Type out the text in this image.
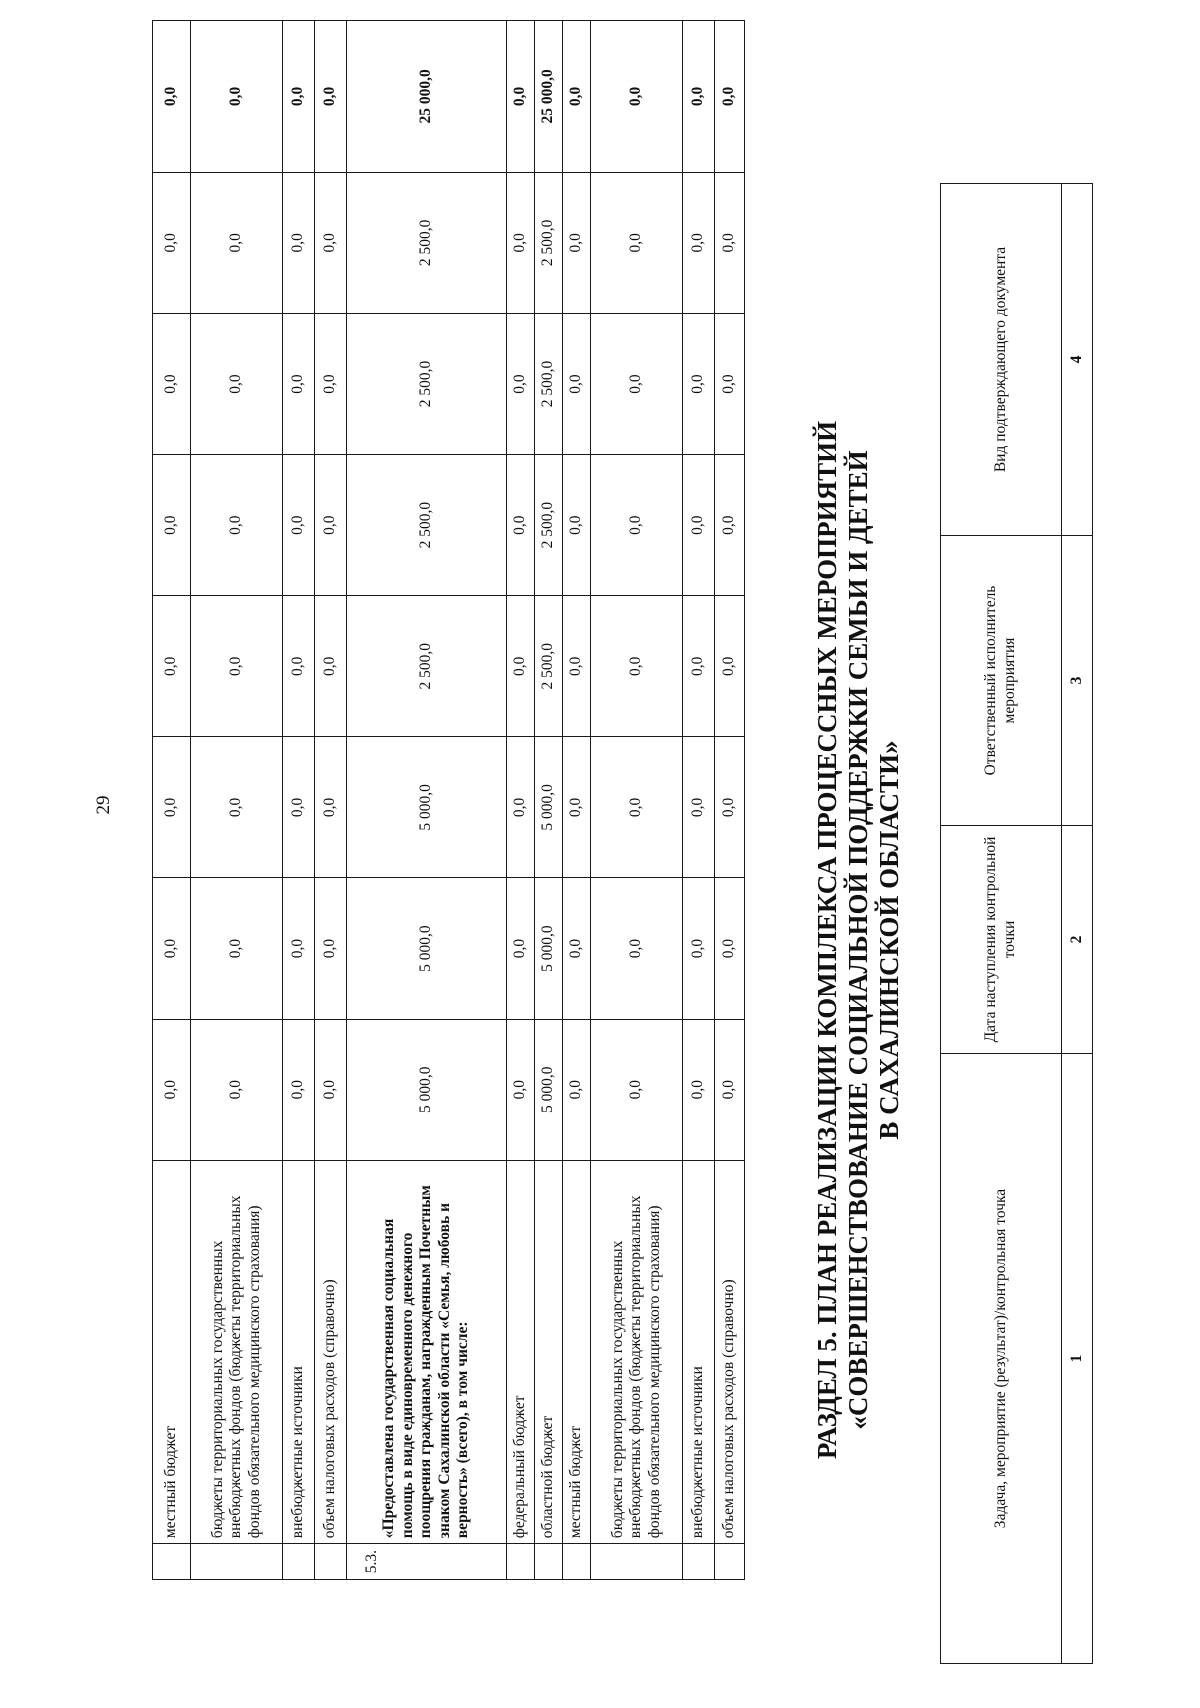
29
	местный бюджет	0,0	0,0	0,0	0,0	0,0	0,0	0,0	0,0
	бюджеты территориальных государственных внебюджетных фондов (бюджеты территориальных фондов обязательного медицинского страхования)	0,0	0,0	0,0	0,0	0,0	0,0	0,0	0,0
	внебюджетные источники	0,0	0,0	0,0	0,0	0,0	0,0	0,0	0,0
	объем налоговых расходов (справочно)	0,0	0,0	0,0	0,0	0,0	0,0	0,0	0,0
5.3.	«Предоставлена государственная социальная помощь в виде единовременного денежного поощрения гражданам, награжденным Почетным знаком Сахалинской области «Семья, любовь и верность» (всего), в том числе:	5 000,0	5 000,0	5 000,0	2 500,0	2 500,0	2 500,0	2 500,0	25 000,0
	федеральный бюджет	0,0	0,0	0,0	0,0	0,0	0,0	0,0	0,0
	областной бюджет	5 000,0	5 000,0	5 000,0	2 500,0	2 500,0	2 500,0	2 500,0	25 000,0
	местный бюджет	0,0	0,0	0,0	0,0	0,0	0,0	0,0	0,0
	бюджеты территориальных государственных внебюджетных фондов (бюджеты территориальных фондов обязательного медицинского страхования)	0,0	0,0	0,0	0,0	0,0	0,0	0,0	0,0
	внебюджетные источники	0,0	0,0	0,0	0,0	0,0	0,0	0,0	0,0
	объем налоговых расходов (справочно)	0,0	0,0	0,0	0,0	0,0	0,0	0,0	0,0
РАЗДЕЛ 5. ПЛАН РЕАЛИЗАЦИИ КОМПЛЕКСА ПРОЦЕССНЫХ МЕРОПРИЯТИЙ «СОВЕРШЕНСТВОВАНИЕ СОЦИАЛЬНОЙ ПОДДЕРЖКИ СЕМЬИ И ДЕТЕЙ В САХАЛИНСКОЙ ОБЛАСТИ»
Задача, мероприятие (результат)/контрольная точка	Дата наступления контрольной точки	Ответственный исполнитель мероприятия	Вид подтверждающего документа
1	2	3	4
